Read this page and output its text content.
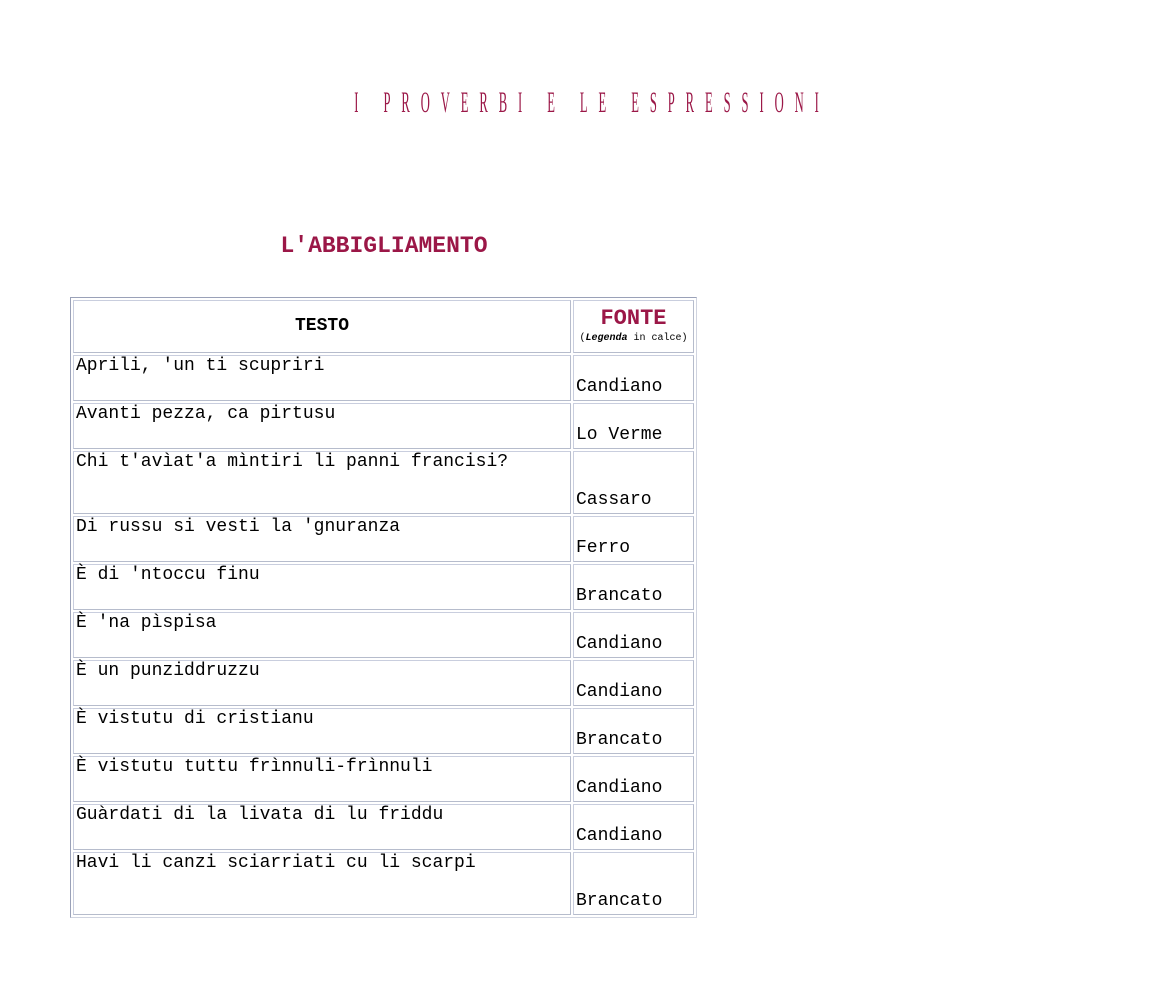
I PROVERBI E LE ESPRESSIONI
L'ABBIGLIAMENTO
TESTO	FONTE
(Legenda in calce)

Aprili, 'un ti scupriri	Candiano
Avanti pezza, ca pirtusu	Lo Verme
Chi t'avìat'a mìntiri li panni francisi?	Cassaro
Di russu si vesti la 'gnuranza	Ferro
È di 'ntoccu finu	Brancato
È 'na pìspisa	Candiano
È un punziddruzzu	Candiano
È vistutu di cristianu	Brancato
È vistutu tuttu frìnnuli-frìnnuli	Candiano
Guàrdati di la livata di lu friddu	Candiano
Havi li canzi sciarriati cu li scarpi	Brancato
